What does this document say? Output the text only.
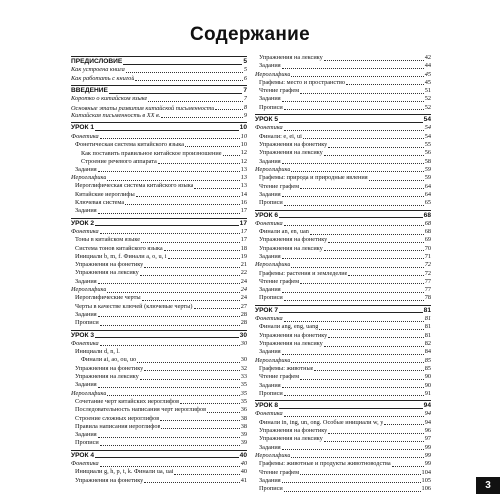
Содержание
ПРЕДИСЛОВИЕ	5
Как устроена книга	5
Как работать с книгой	6
ВВЕДЕНИЕ	7
Коротко о китайском языке	7
Основные этапы развития китайской письменности	8
Китайская письменность в XX в.	9
УРОК 1	10
Фонетика	10
Фонетическая система китайского языка	10
Как поставить правильное китайское произношение	12
Строение речевого аппарата	12
Задания	13
Иероглифика	13
Иероглифическая система китайского языка	13
Китайские иероглифы	14
Ключевая система	16
Задания	17
УРОК 2	17
Фонетика	17
Тоны в китайском языке	17
Система тонов китайского языка	18
Инициали b, m, f. Финали a, o, u, i	19
Упражнения на фонетику	21
Упражнения на лексику	22
Задания	24
Иероглифика	24
Иероглифические черты	24
Черты в качестве ключей (ключевые черты)	27
Задания	28
Прописи	28
УРОК 3	30
Фонетика	30
Инициали d, n, l.
Финали ai, ao, ou, uo	30
Упражнения на фонетику	32
Упражнения на лексику	33
Задания	35
Иероглифика	35
Сочетание черт китайских иероглифов	35
Последовательность написания черт иероглифов	36
Строение сложных иероглифов	38
Правила написания иероглифов	38
Задания	39
Прописи	39
УРОК 4	40
Фонетика	40
Инициали g, h, p, t, k. Финали ua, uai	40
Упражнения на фонетику	41
Упражнения на лексику	42
Задания	44
Иероглифика	45
Графемы: место и пространство	45
Чтение графем	51
Задания	52
Прописи	52
УРОК 5	54
Фонетика	54
Финали: e, ei, ui	54
Упражнения на фонетику	55
Упражнения на лексику	56
Задания	58
Иероглифика	59
Графемы: природа и природные явления	59
Чтение графем	64
Задания	64
Прописи	65
УРОК 6	68
Фонетика	68
Финали an, en, uan	68
Упражнения на фонетику	69
Упражнения на лексику	70
Задания	71
Иероглифика	72
Графемы: растения и земледелие	72
Чтение графем	77
Задания	77
Прописи	78
УРОК 7	81
Фонетика	81
Финали ang, eng, uang	81
Упражнения на фонетику	81
Упражнения на лексику	82
Задания	84
Иероглифика	85
Графемы: животные	85
Чтение графем	90
Задания	90
Прописи	91
УРОК 8	94
Фонетика	94
Финали in, ing, un, ong. Особые инициали w, y	94
Упражнения на фонетику	96
Упражнения на лексику	97
Задания	99
Иероглифика	99
Графемы: животные и продукты животноводства	99
Чтение графем	104
Задания	105
Прописи	106	3
